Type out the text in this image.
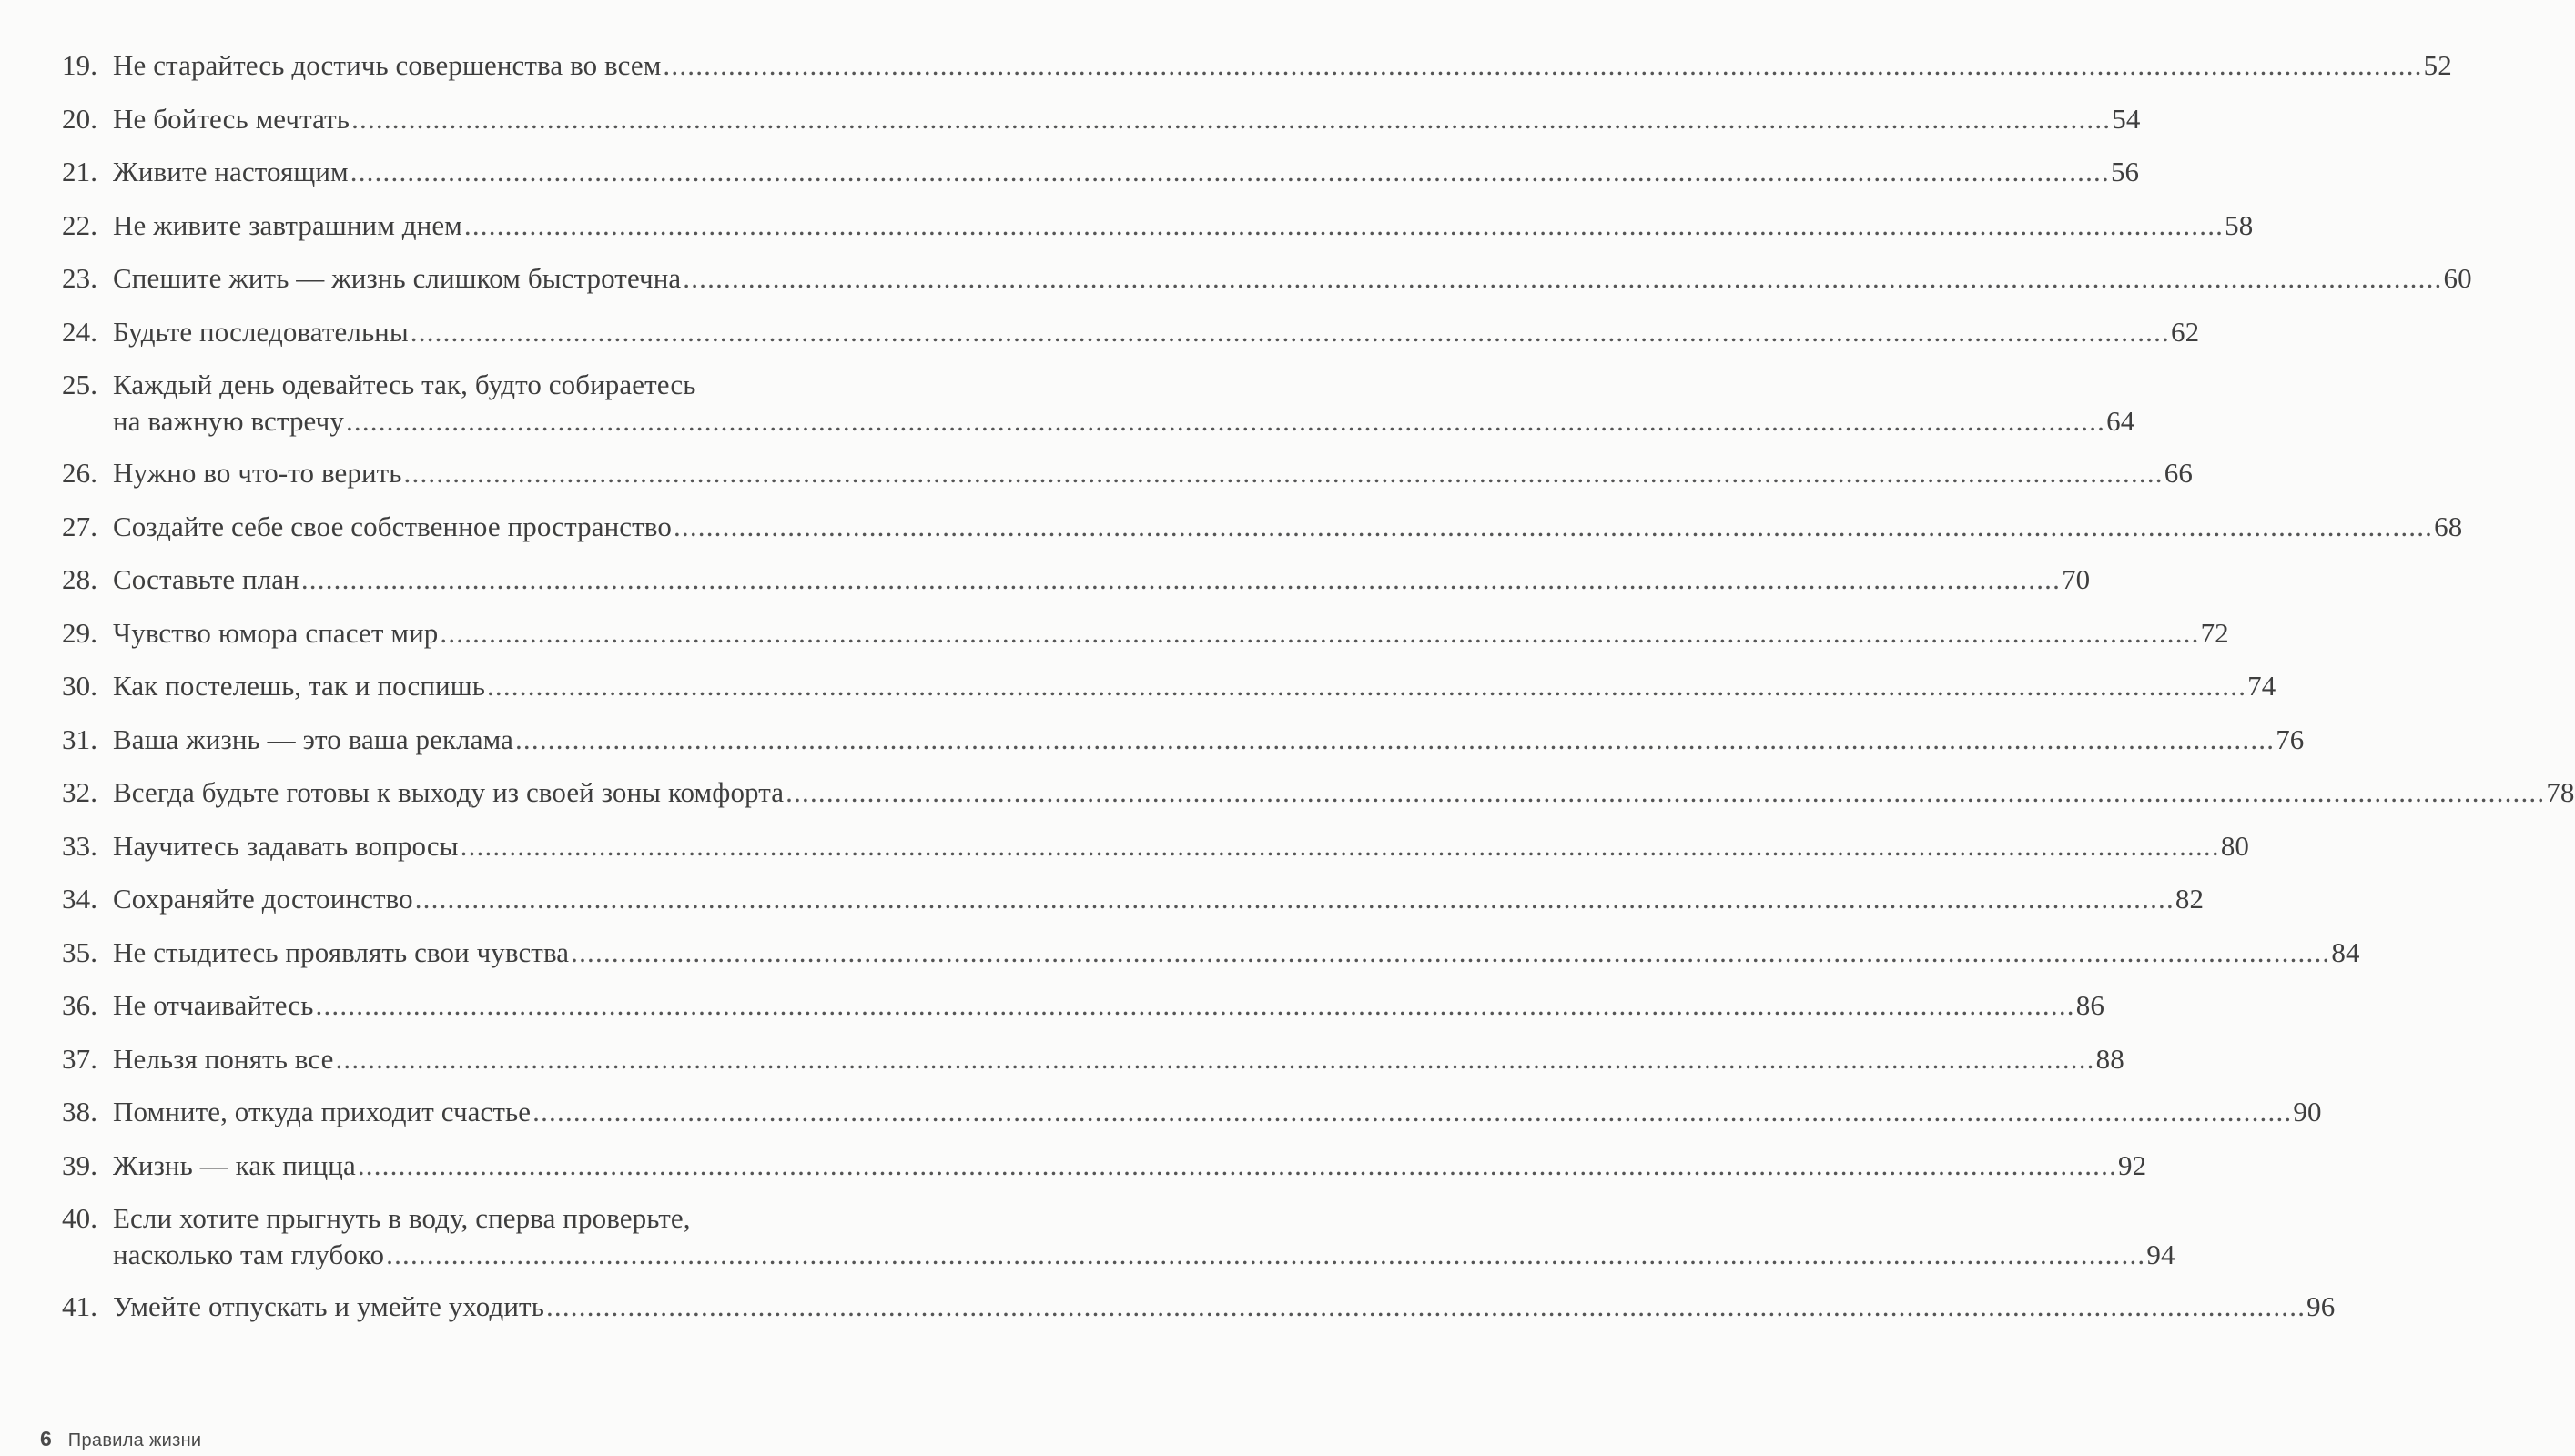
19. Не старайтесь достичь совершенства во всем .....	52
20. Не бойтесь мечтать .....	54
21. Живите настоящим .....	56
22. Не живите завтрашним днем .....	58
23. Спешите жить — жизнь слишком быстротечна .....	60
24. Будьте последовательны .....	62
25. Каждый день одевайтесь так, будто собираетесь
на важную встречу .....	64
26. Нужно во что-то верить .....	66
27. Создайте себе свое собственное пространство .....	68
28. Составьте план .....	70
29. Чувство юмора спасет мир .....	72
30. Как постелешь, так и поспишь .....	74
31. Ваша жизнь — это ваша реклама .....	76
32. Всегда будьте готовы к выходу из своей зоны комфорта .....	78
33. Научитесь задавать вопросы .....	80
34. Сохраняйте достоинство .....	82
35. Не стыдитесь проявлять свои чувства .....	84
36. Не отчаивайтесь .....	86
37. Нельзя понять все .....	88
38. Помните, откуда приходит счастье .....	90
39. Жизнь — как пицца .....	92
40. Если хотите прыгнуть в воду, сперва проверьте,
насколько там глубоко .....	94
41. Умейте отпускать и умейте уходить .....	96
6 Правила жизни
